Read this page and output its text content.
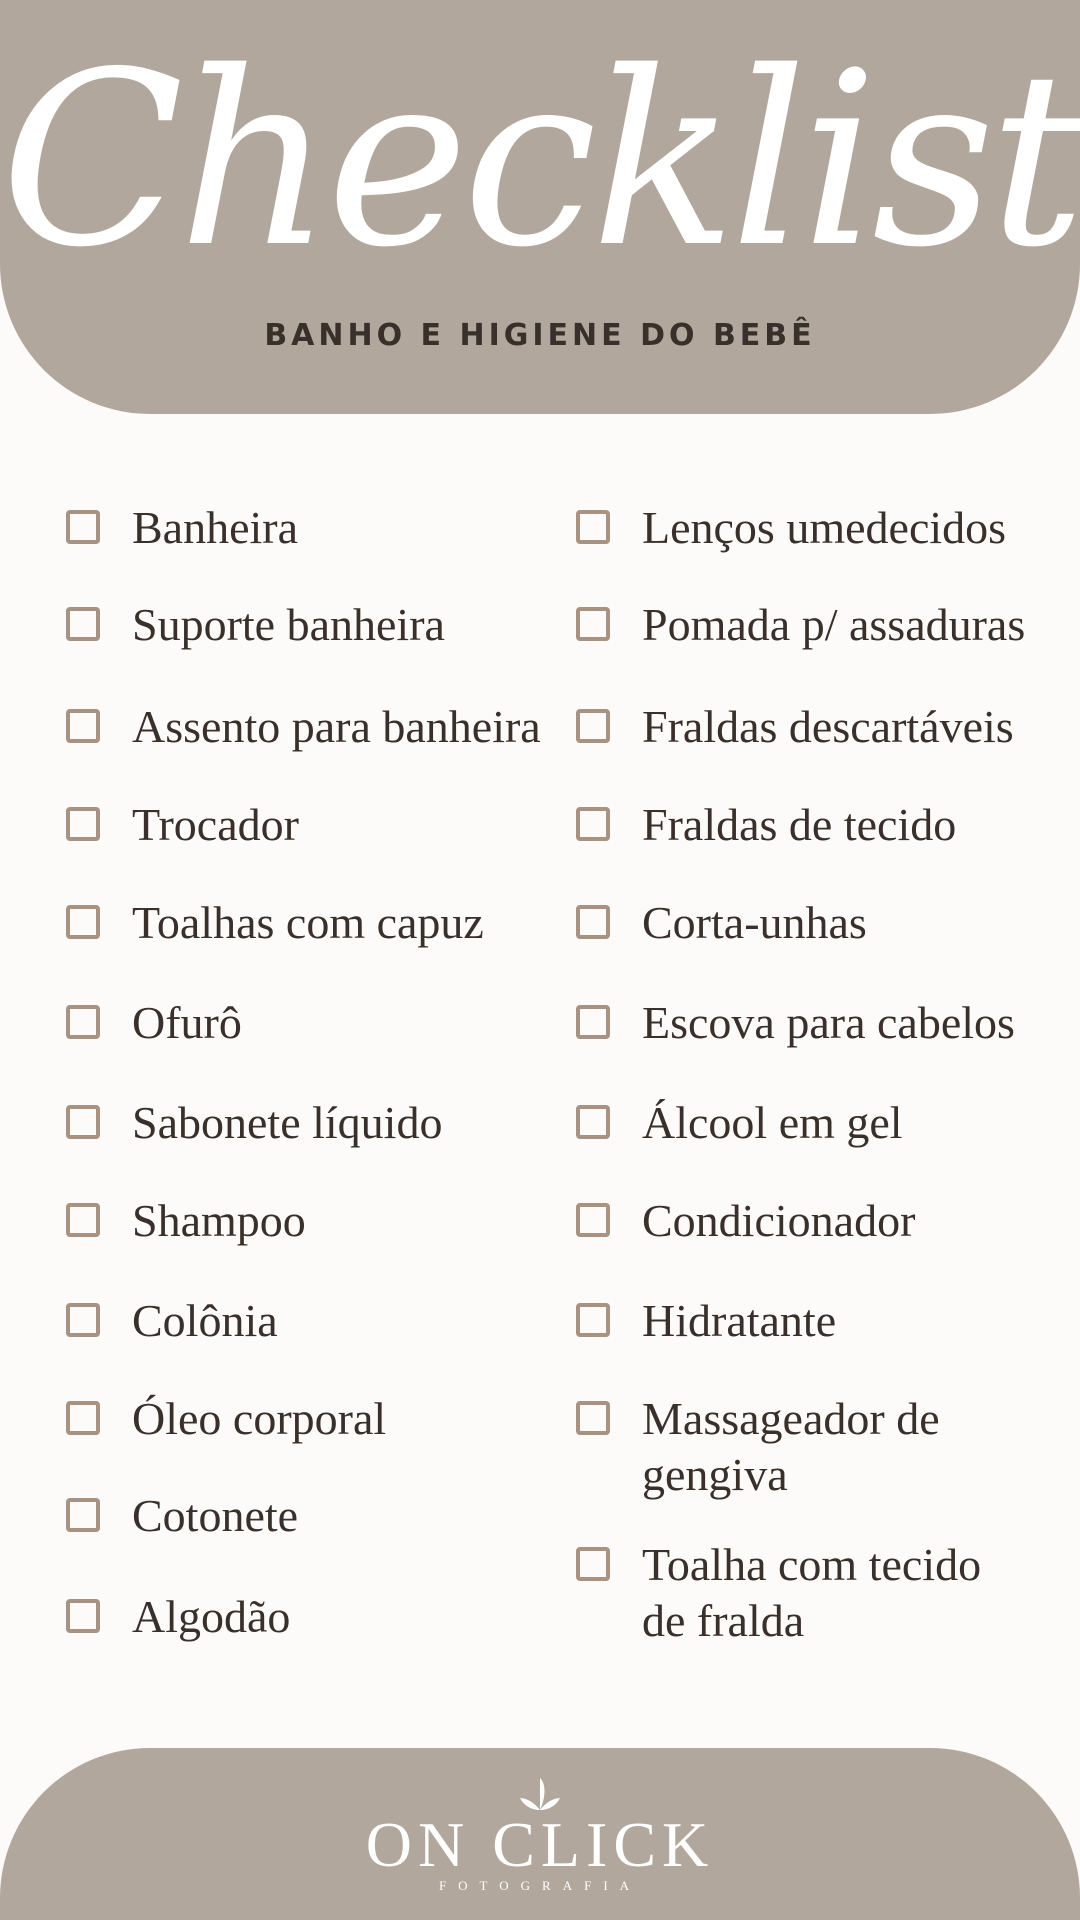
Checklist
BANHO E HIGIENE DO BEBÊ
Banheira
Suporte banheira
Assento para banheira
Trocador
Toalhas com capuz
Ofurô
Sabonete líquido
Shampoo
Colônia
Óleo corporal
Cotonete
Algodão
Lenços umedecidos
Pomada p/ assaduras
Fraldas descartáveis
Fraldas de tecido
Corta-unhas
Escova para cabelos
Álcool em gel
Condicionador
Hidratante
Massageador de
gengiva
Toalha com tecido
de fralda
ON CLICK
FOTOGRAFIA
